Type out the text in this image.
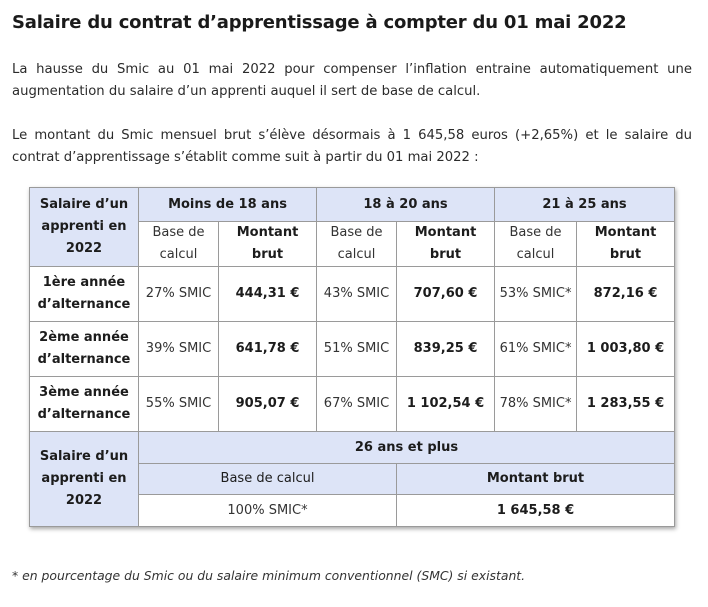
Salaire du contrat d’apprentissage à compter du 01 mai 2022

La hausse du Smic au 01 mai 2022 pour compenser l’inflation entraine automatiquement une augmentation du salaire d’un apprenti auquel il sert de base de calcul.

Le montant du Smic mensuel brut s’élève désormais à 1 645,58 euros (+2,65%) et le salaire du contrat d’apprentissage s’établit comme suit à partir du 01 mai 2022 :

Salaire d’un apprenti en 2022	Moins de 18 ans		18 à 20 ans		21 à 25 ans	
	Base de calcul	Montant brut	Base de calcul	Montant brut	Base de calcul	Montant brut
1ère année d’alternance	27% SMIC	444,31 €	43% SMIC	707,60 €	53% SMIC*	872,16 €
2ème année d’alternance	39% SMIC	641,78 €	51% SMIC	839,25 €	61% SMIC*	1 003,80 €
3ème année d’alternance	55% SMIC	905,07 €	67% SMIC	1 102,54 €	78% SMIC*	1 283,55 €
Salaire d’un apprenti en 2022	26 ans et plus					
	Base de calcul			Montant brut		
	100% SMIC*			1 645,58 €		
* en pourcentage du Smic ou du salaire minimum conventionnel (SMC) si existant.
